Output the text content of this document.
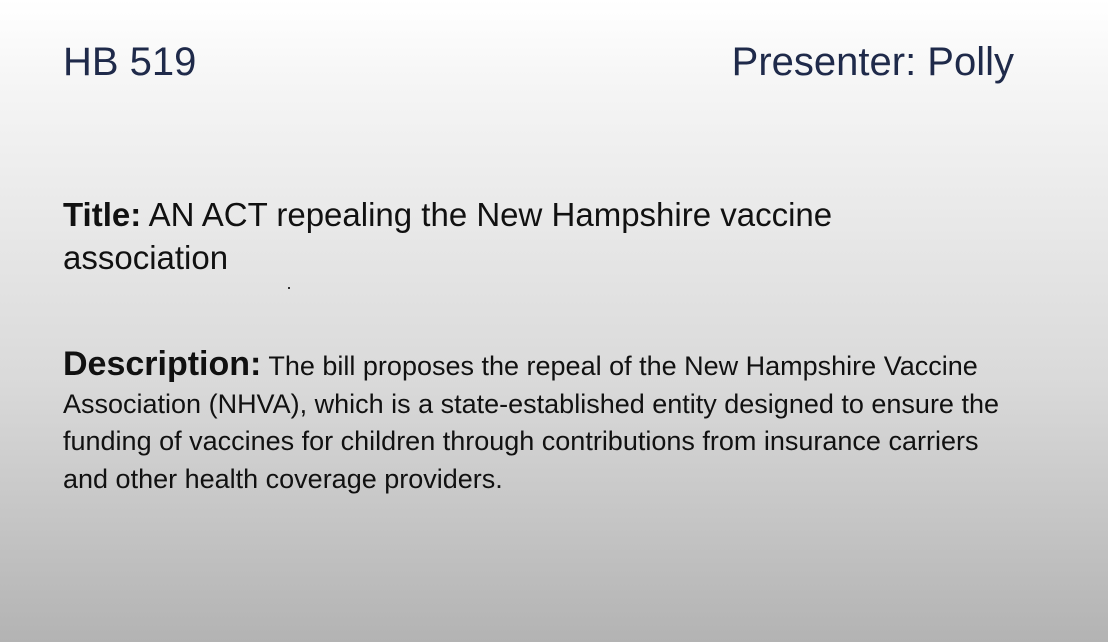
HB 519	Presenter: Polly
Title: AN ACT repealing the New Hampshire vaccine association
Description: The bill proposes the repeal of the New Hampshire Vaccine Association (NHVA), which is a state-established entity designed to ensure the funding of vaccines for children through contributions from insurance carriers and other health coverage providers.
